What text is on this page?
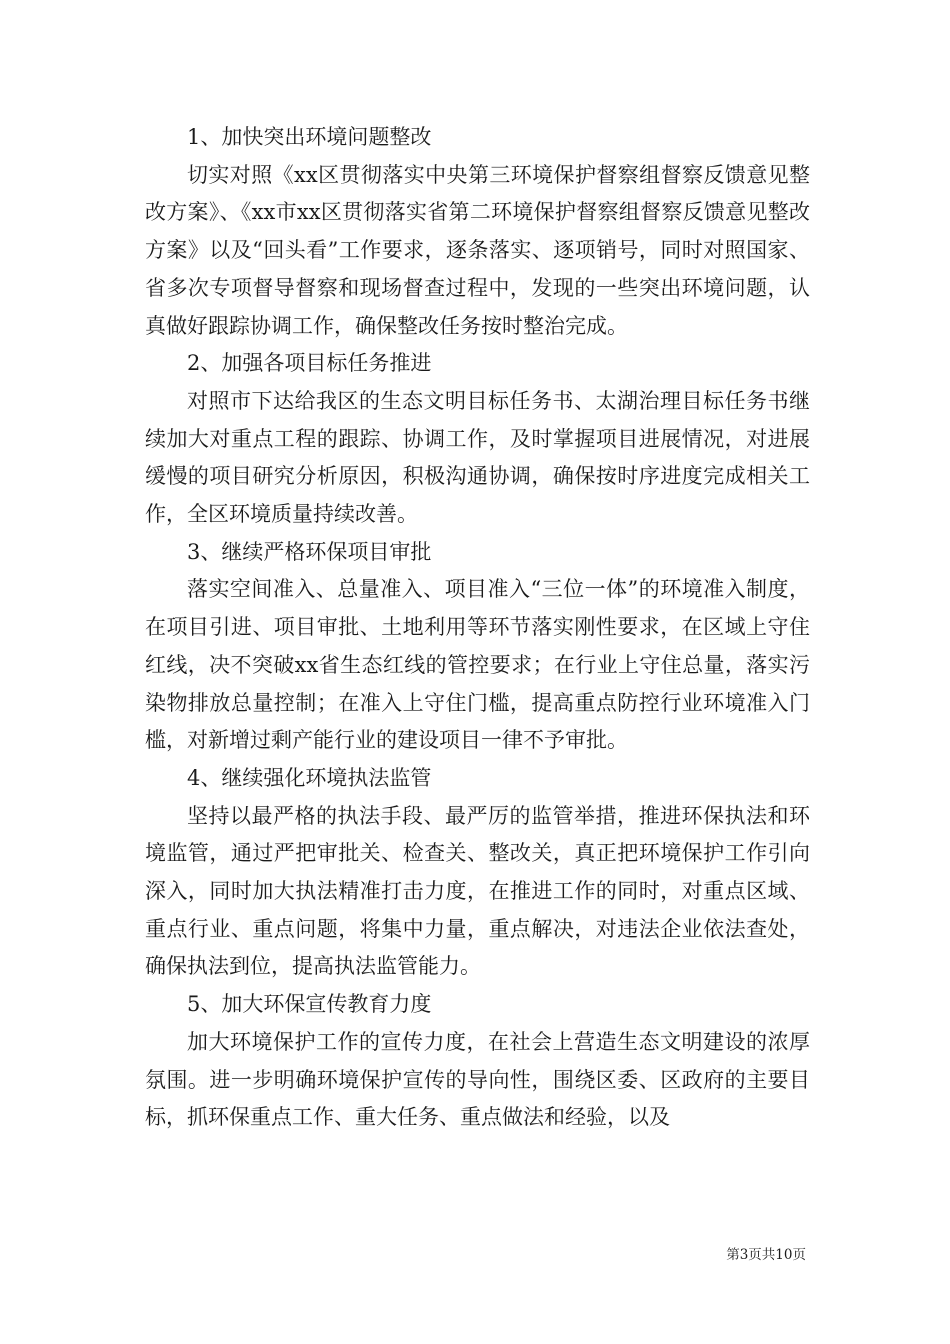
1、加快突出环境问题整改

切实对照《xx区贯彻落实中央第三环境保护督察组督察反馈意见整改方案》、《xx市xx区贯彻落实省第二环境保护督察组督察反馈意见整改方案》以及“回头看”工作要求，逐条落实、逐项销号，同时对照国家、省多次专项督导督察和现场督查过程中，发现的一些突出环境问题，认真做好跟踪协调工作，确保整改任务按时整治完成。

2、加强各项目标任务推进

对照市下达给我区的生态文明目标任务书、太湖治理目标任务书继续加大对重点工程的跟踪、协调工作，及时掌握项目进展情况，对进展缓慢的项目研究分析原因，积极沟通协调，确保按时序进度完成相关工作，全区环境质量持续改善。

3、继续严格环保项目审批

落实空间准入、总量准入、项目准入“三位一体”的环境准入制度，在项目引进、项目审批、土地利用等环节落实刚性要求，在区域上守住红线，决不突破xx省生态红线的管控要求；在行业上守住总量，落实污染物排放总量控制；在准入上守住门槛，提高重点防控行业环境准入门槛，对新增过剩产能行业的建设项目一律不予审批。

4、继续强化环境执法监管

坚持以最严格的执法手段、最严厉的监管举措，推进环保执法和环境监管，通过严把审批关、检查关、整改关，真正把环境保护工作引向深入，同时加大执法精准打击力度，在推进工作的同时，对重点区域、重点行业、重点问题，将集中力量，重点解决，对违法企业依法查处，确保执法到位，提高执法监管能力。

5、加大环保宣传教育力度

加大环境保护工作的宣传力度，在社会上营造生态文明建设的浓厚氛围。进一步明确环境保护宣传的导向性，围绕区委、区政府的主要目标，抓环保重点工作、重大任务、重点做法和经验，以及

第3页共10页
